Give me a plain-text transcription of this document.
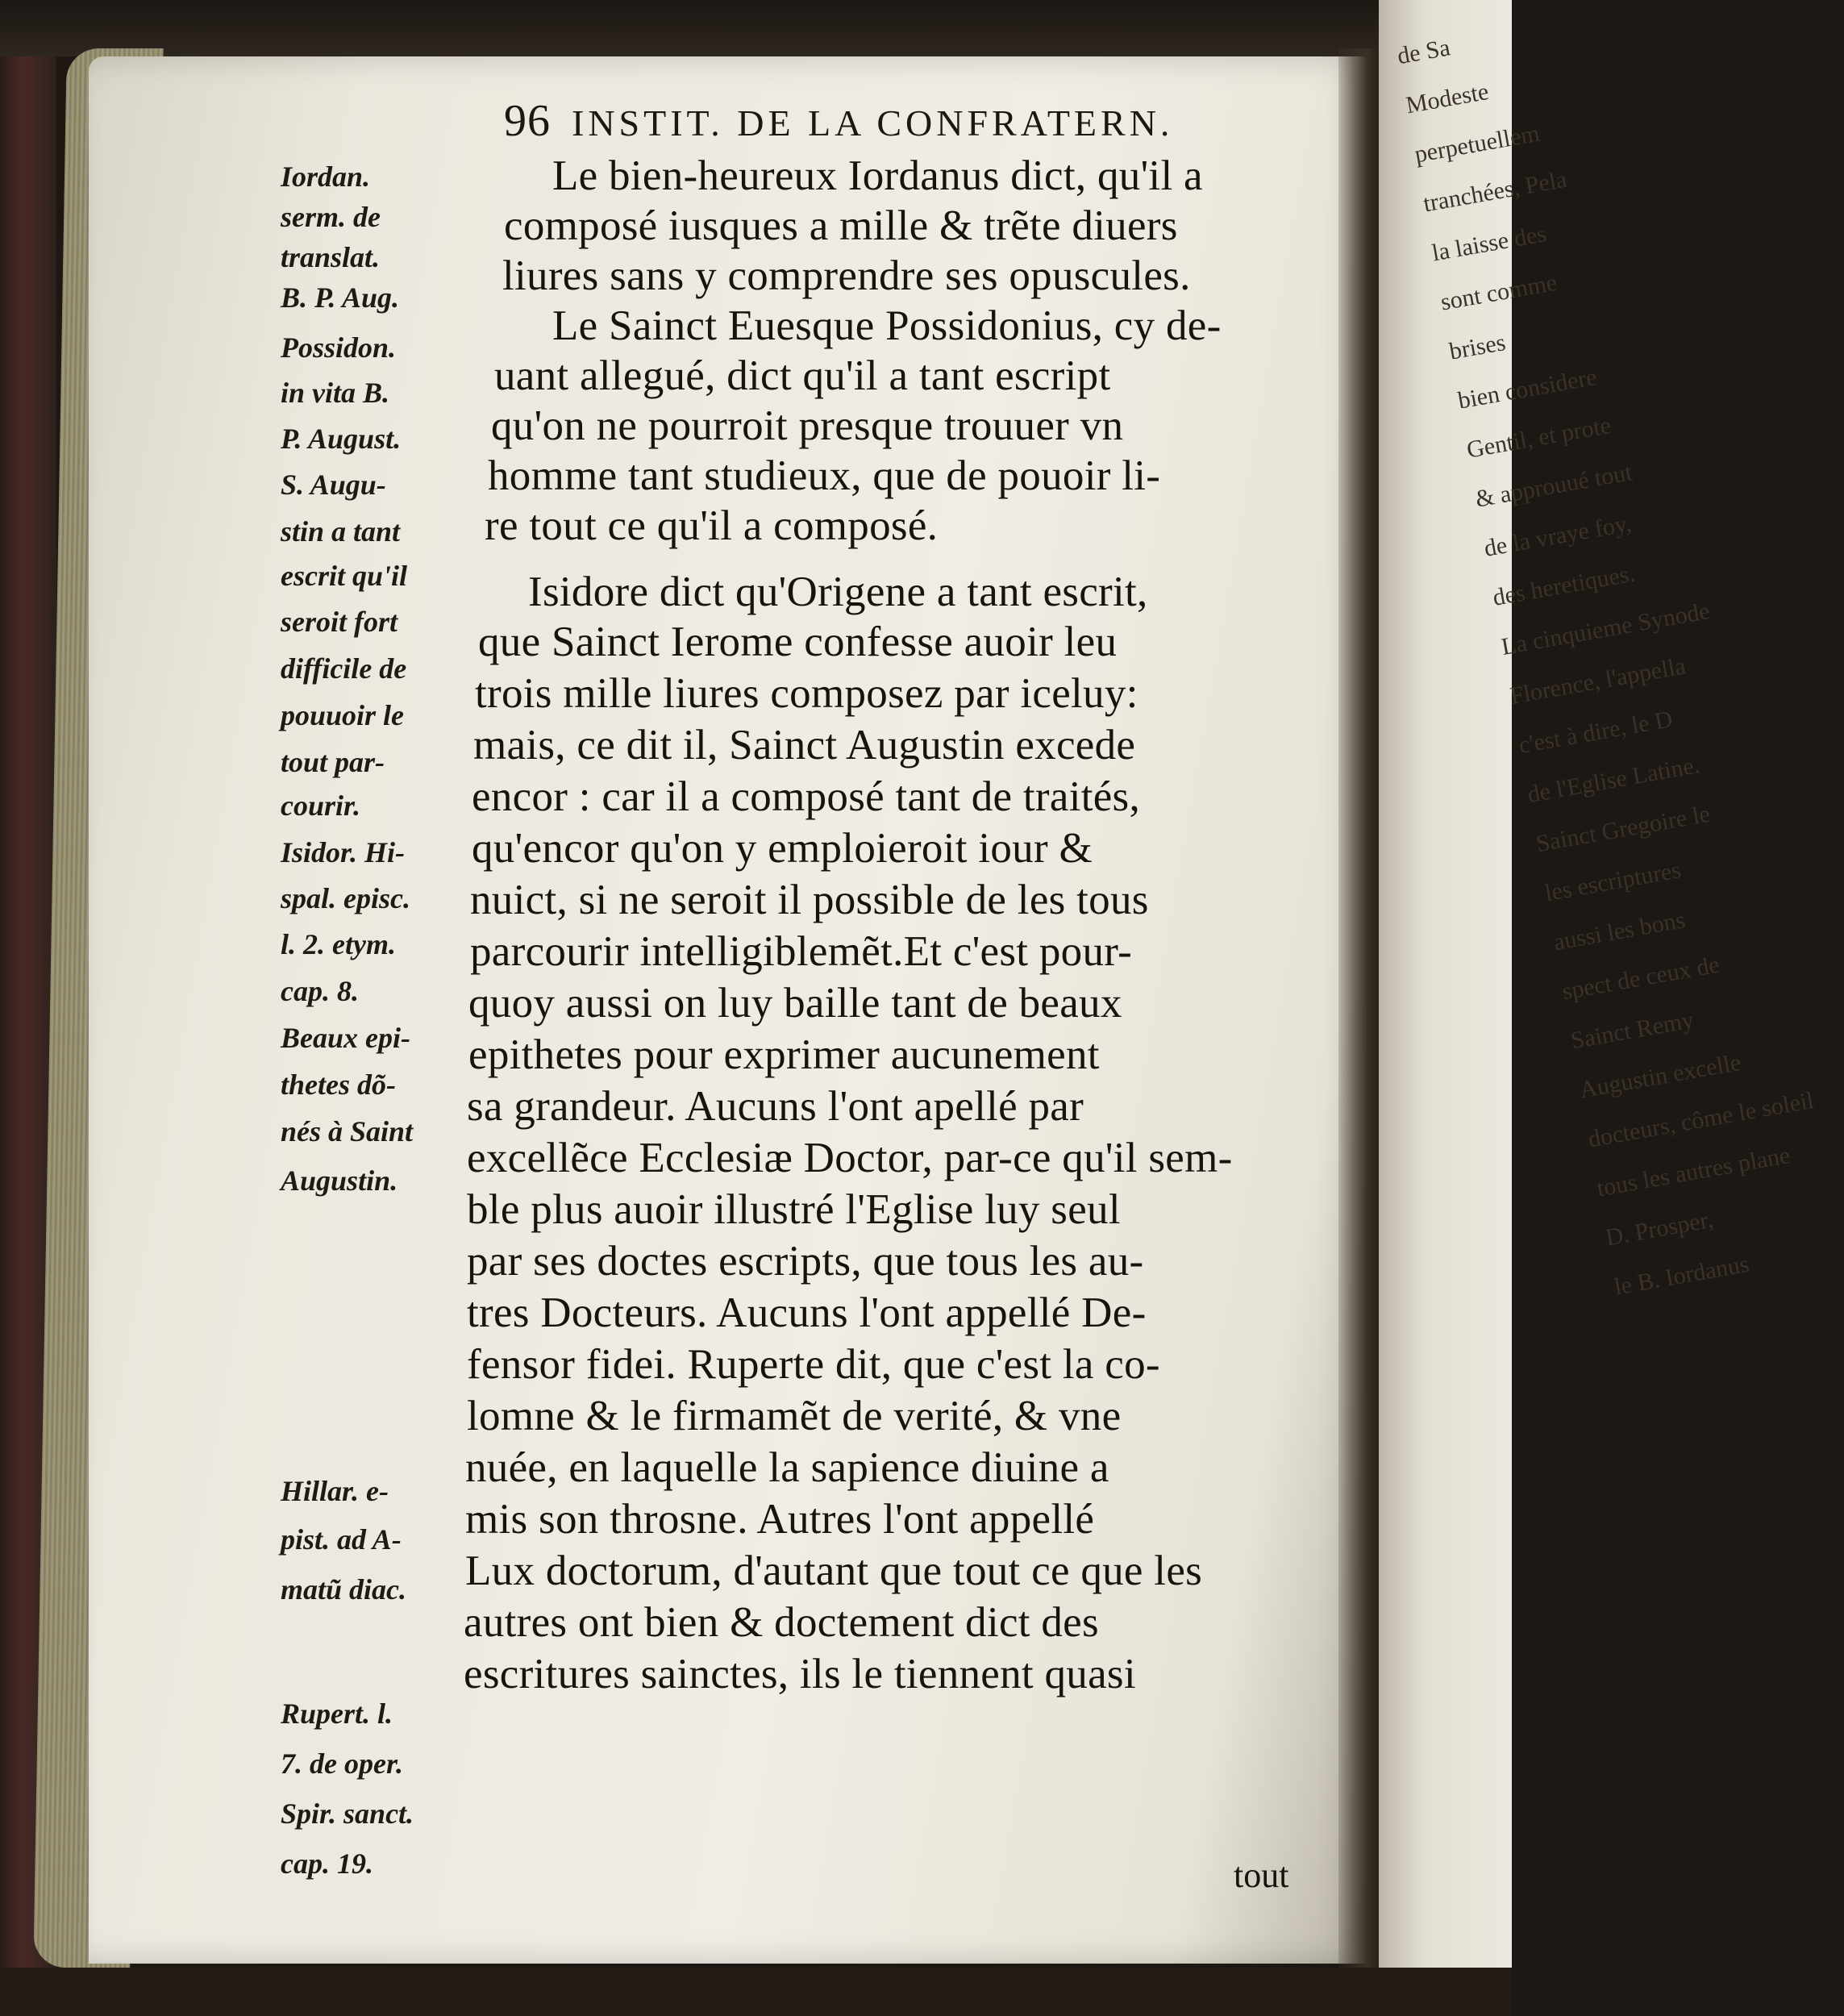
de Sa
Modeste
perpetuellem
tranchées, Pela
la laisse des
sont comme
brises
bien considere
Gentil, et prote
& approuué tout
de la vraye foy,
des heretiques.
La cinquieme Synode
Florence, l'appella
c'est à dire, le D
de l'Eglise Latine.
Sainct Gregoire le
les escriptures
aussi les bons
spect de ceux de
Sainct Remy
Augustin excelle
docteurs, côme le soleil
tous les autres plane
D. Prosper,
le B. Iordanus
96 INSTIT. DE LA CONFRATERN.
Iordan.
serm. de
translat.
B. P. Aug.
Possidon.
in vita B.
P. August.
S. Augu-
stin a tant
escrit qu'il
seroit fort
difficile de
pouuoir le
tout par-
courir.
Isidor. Hi-
spal. episc.
l. 2. etym.
cap. 8.
Beaux epi-
thetes dõ-
nés à Saint
Augustin.
Hillar. e-
pist. ad A-
matũ diac.
Rupert. l.
7. de oper.
Spir. sanct.
cap. 19.
Le bien-heureux Iordanus dict, qu'il a
composé iusques a mille & trẽte diuers
liures sans y comprendre ses opuscules.
Le Sainct Euesque Possidonius, cy de-
uant allegué, dict qu'il a tant escript
qu'on ne pourroit presque trouuer vn
homme tant studieux, que de pouoir li-
re tout ce qu'il a composé.
Isidore dict qu'Origene a tant escrit,
que Sainct Ierome confesse auoir leu
trois mille liures composez par iceluy:
mais, ce dit il, Sainct Augustin excede
encor : car il a composé tant de traités,
qu'encor qu'on y emploieroit iour &
nuict, si ne seroit il possible de les tous
parcourir intelligiblemẽt.Et c'est pour-
quoy aussi on luy baille tant de beaux
epithetes pour exprimer aucunement
sa grandeur. Aucuns l'ont apellé par
excellẽce Ecclesiæ Doctor, par-ce qu'il sem-
ble plus auoir illustré l'Eglise luy seul
par ses doctes escripts, que tous les au-
tres Docteurs. Aucuns l'ont appellé De-
fensor fidei. Ruperte dit, que c'est la co-
lomne & le firmamẽt de verité, & vne
nuée, en laquelle la sapience diuine a
mis son throsne. Autres l'ont appellé
Lux doctorum, d'autant que tout ce que les
autres ont bien & doctement dict des
escritures sainctes, ils le tiennent quasi
tout
